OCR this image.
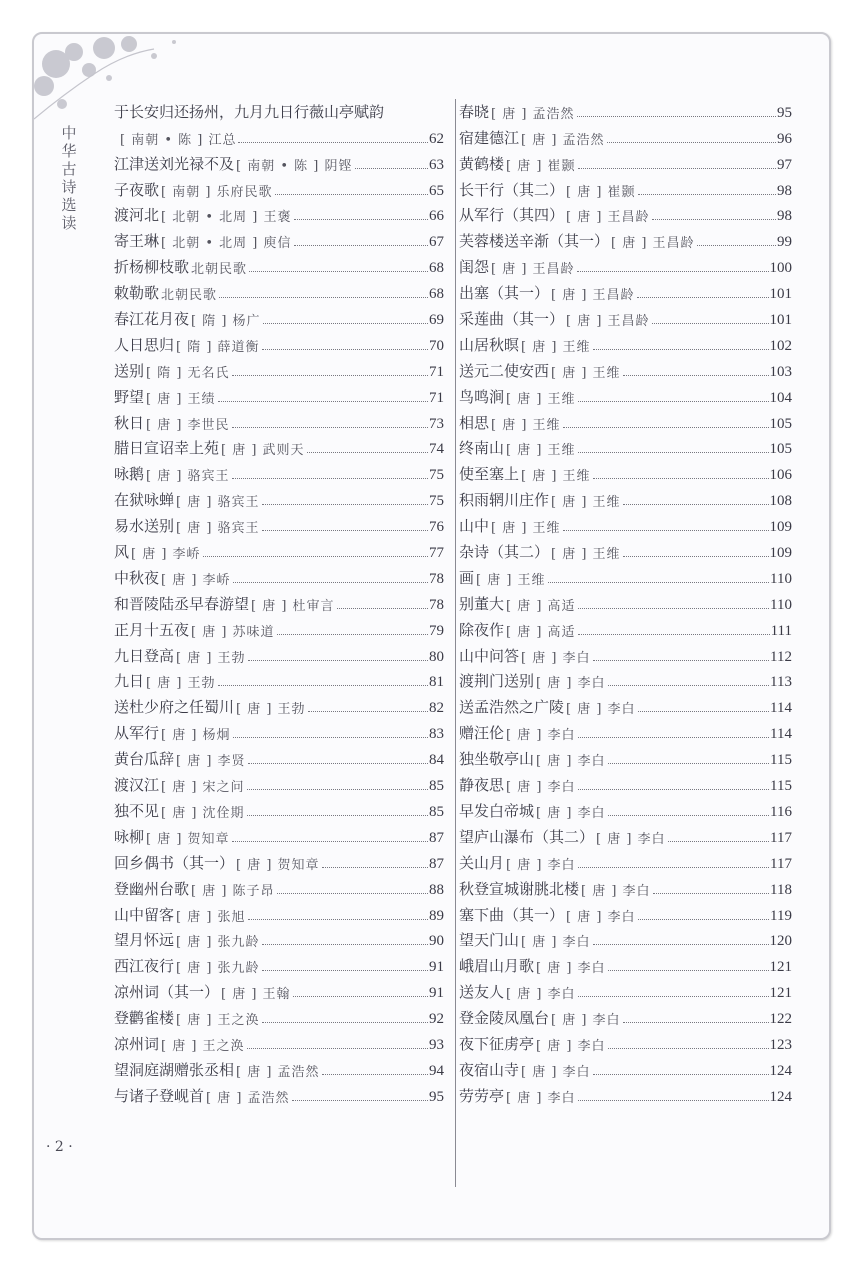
中
华
古
诗
选
读
· 2 ·
于长安归还扬州，九月九日行薇山亭赋韵
[ 南朝 • 陈 ] 江总	62
江津送刘光禄不及 [ 南朝 • 陈 ] 阴铿	63
子夜歌 [ 南朝 ] 乐府民歌	65
渡河北 [ 北朝 • 北周 ] 王褒	66
寄王琳 [ 北朝 • 北周 ] 庾信	67
折杨柳枝歌 北朝民歌	68
敕勒歌 北朝民歌	68
春江花月夜 [ 隋 ] 杨广	69
人日思归 [ 隋 ] 薛道衡	70
送别 [ 隋 ] 无名氏	71
野望 [ 唐 ] 王绩	71
秋日 [ 唐 ] 李世民	73
腊日宣诏幸上苑 [ 唐 ] 武则天	74
咏鹅 [ 唐 ] 骆宾王	75
在狱咏蝉 [ 唐 ] 骆宾王	75
易水送别 [ 唐 ] 骆宾王	76
风 [ 唐 ] 李峤	77
中秋夜 [ 唐 ] 李峤	78
和晋陵陆丞早春游望 [ 唐 ] 杜审言	78
正月十五夜 [ 唐 ] 苏味道	79
九日登高 [ 唐 ] 王勃	80
九日 [ 唐 ] 王勃	81
送杜少府之任蜀川 [ 唐 ] 王勃	82
从军行 [ 唐 ] 杨炯	83
黄台瓜辞 [ 唐 ] 李贤	84
渡汉江 [ 唐 ] 宋之问	85
独不见 [ 唐 ] 沈佺期	85
咏柳 [ 唐 ] 贺知章	87
回乡偶书（其一） [ 唐 ] 贺知章	87
登幽州台歌 [ 唐 ] 陈子昂	88
山中留客 [ 唐 ] 张旭	89
望月怀远 [ 唐 ] 张九龄	90
西江夜行 [ 唐 ] 张九龄	91
凉州词（其一） [ 唐 ] 王翰	91
登鹳雀楼 [ 唐 ] 王之涣	92
凉州词 [ 唐 ] 王之涣	93
望洞庭湖赠张丞相 [ 唐 ] 孟浩然	94
与诸子登岘首 [ 唐 ] 孟浩然	95
春晓 [ 唐 ] 孟浩然	95
宿建德江 [ 唐 ] 孟浩然	96
黄鹤楼 [ 唐 ] 崔颢	97
长干行（其二） [ 唐 ] 崔颢	98
从军行（其四） [ 唐 ] 王昌龄	98
芙蓉楼送辛渐（其一） [ 唐 ] 王昌龄	99
闺怨 [ 唐 ] 王昌龄	100
出塞（其一） [ 唐 ] 王昌龄	101
采莲曲（其一） [ 唐 ] 王昌龄	101
山居秋暝 [ 唐 ] 王维	102
送元二使安西 [ 唐 ] 王维	103
鸟鸣涧 [ 唐 ] 王维	104
相思 [ 唐 ] 王维	105
终南山 [ 唐 ] 王维	105
使至塞上 [ 唐 ] 王维	106
积雨辋川庄作 [ 唐 ] 王维	108
山中 [ 唐 ] 王维	109
杂诗（其二） [ 唐 ] 王维	109
画 [ 唐 ] 王维	110
别董大 [ 唐 ] 高适	110
除夜作 [ 唐 ] 高适	111
山中问答 [ 唐 ] 李白	112
渡荆门送别 [ 唐 ] 李白	113
送孟浩然之广陵 [ 唐 ] 李白	114
赠汪伦 [ 唐 ] 李白	114
独坐敬亭山 [ 唐 ] 李白	115
静夜思 [ 唐 ] 李白	115
早发白帝城 [ 唐 ] 李白	116
望庐山瀑布（其二） [ 唐 ] 李白	117
关山月 [ 唐 ] 李白	117
秋登宣城谢朓北楼 [ 唐 ] 李白	118
塞下曲（其一） [ 唐 ] 李白	119
望天门山 [ 唐 ] 李白	120
峨眉山月歌 [ 唐 ] 李白	121
送友人 [ 唐 ] 李白	121
登金陵凤凰台 [ 唐 ] 李白	122
夜下征虏亭 [ 唐 ] 李白	123
夜宿山寺 [ 唐 ] 李白	124
劳劳亭 [ 唐 ] 李白	124
